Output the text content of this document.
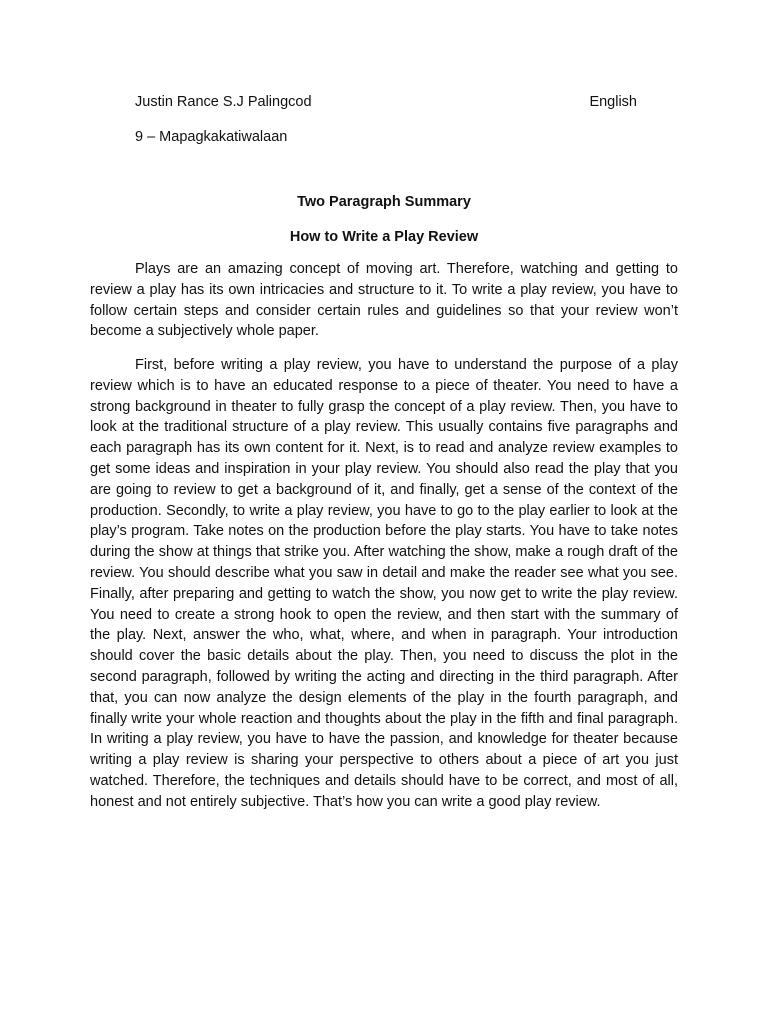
Justin Rance S.J Palingcod	English
9 – Mapagkakatiwalaan
Two Paragraph Summary
How to Write a Play Review

Plays are an amazing concept of moving art. Therefore, watching and getting to review a play has its own intricacies and structure to it. To write a play review, you have to follow certain steps and consider certain rules and guidelines so that your review won’t become a subjectively whole paper.

First, before writing a play review, you have to understand the purpose of a play review which is to have an educated response to a piece of theater. You need to have a strong background in theater to fully grasp the concept of a play review. Then, you have to look at the traditional structure of a play review. This usually contains five paragraphs and each paragraph has its own content for it. Next, is to read and analyze review examples to get some ideas and inspiration in your play review. You should also read the play that you are going to review to get a background of it, and finally, get a sense of the context of the production. Secondly, to write a play review, you have to go to the play earlier to look at the play’s program. Take notes on the production before the play starts. You have to take notes during the show at things that strike you. After watching the show, make a rough draft of the review. You should describe what you saw in detail and make the reader see what you see. Finally, after preparing and getting to watch the show, you now get to write the play review. You need to create a strong hook to open the review, and then start with the summary of the play. Next, answer the who, what, where, and when in paragraph. Your introduction should cover the basic details about the play. Then, you need to discuss the plot in the second paragraph, followed by writing the acting and directing in the third paragraph. After that, you can now analyze the design elements of the play in the fourth paragraph, and finally write your whole reaction and thoughts about the play in the fifth and final paragraph. In writing a play review, you have to have the passion, and knowledge for theater because writing a play review is sharing your perspective to others about a piece of art you just watched. Therefore, the techniques and details should have to be correct, and most of all, honest and not entirely subjective. That’s how you can write a good play review.
